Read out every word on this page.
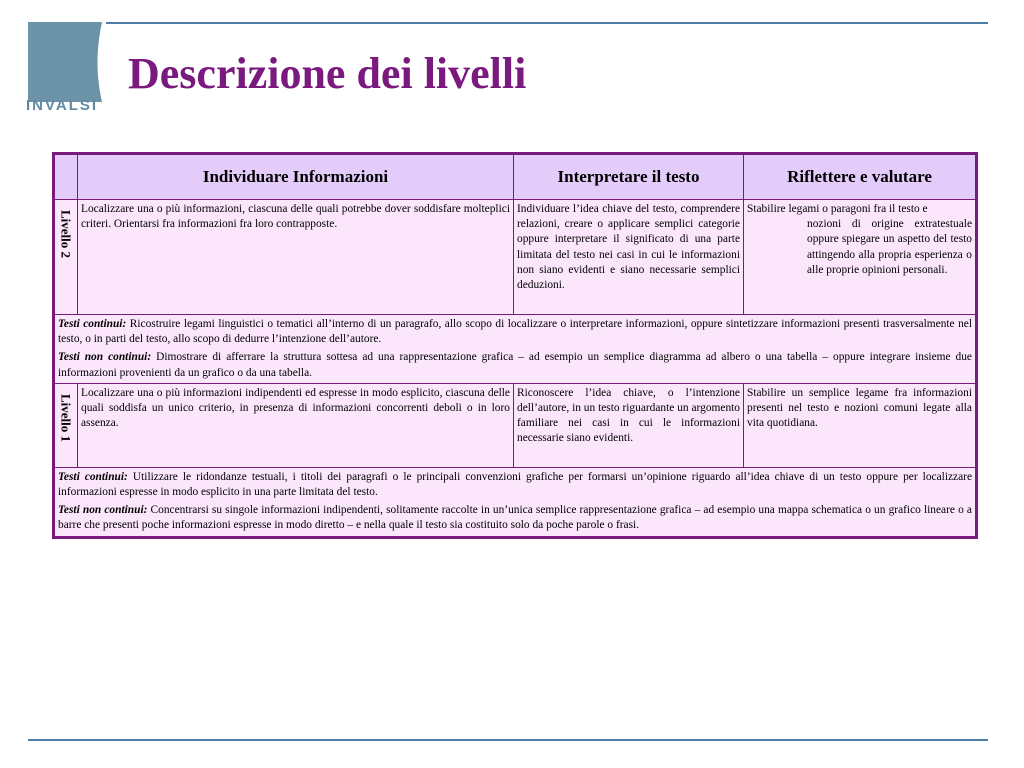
INVALSI
Descrizione dei livelli
	Individuare Informazioni	Interpretare il testo	Riflettere e valutare

Livello 2	Localizzare una o più informazioni, ciascuna delle quali potrebbe dover soddisfare molteplici criteri. Orientarsi fra informazioni fra loro contrapposte.	Individuare l’idea chiave del testo, comprendere relazioni, creare o applicare semplici categorie oppure interpretare il significato di una parte limitata del testo nei casi in cui le informazioni non siano evidenti e siano necessarie semplici deduzioni.	Stabilire legami o paragoni fra il testo e
nozioni di origine extratestuale oppure spiegare un aspetto del testo attingendo alla propria esperienza o alle proprie opinioni personali.

Testi continui: Ricostruire legami linguistici o tematici all’interno di un paragrafo, allo scopo di localizzare o interpretare informazioni, oppure sintetizzare informazioni presenti trasversalmente nel testo, o in parti del testo, allo scopo di dedurre l’intenzione dell’autore.

Testi non continui: Dimostrare di afferrare la struttura sottesa ad una rappresentazione grafica – ad esempio un semplice diagramma ad albero o una tabella – oppure integrare insieme due informazioni provenienti da un grafico o da una tabella.			

Livello 1	Localizzare una o più informazioni indipendenti ed espresse in modo esplicito, ciascuna delle quali soddisfa un unico criterio, in presenza di informazioni concorrenti deboli o in loro assenza.	Riconoscere l’idea chiave, o l’intenzione dell’autore, in un testo riguardante un argomento familiare nei casi in cui le informazioni necessarie siano evidenti.	Stabilire un semplice legame fra informazioni presenti nel testo e nozioni comuni legate alla vita quotidiana.

Testi continui: Utilizzare le ridondanze testuali, i titoli dei paragrafi o le principali convenzioni grafiche per formarsi un’opinione riguardo all’idea chiave di un testo oppure per localizzare informazioni espresse in modo esplicito in una parte limitata del testo.

Testi non continui: Concentrarsi su singole informazioni indipendenti, solitamente raccolte in un’unica semplice rappresentazione grafica – ad esempio una mappa schematica o un grafico lineare o a barre che presenti poche informazioni espresse in modo diretto – e nella quale il testo sia costituito solo da poche parole o frasi.			
